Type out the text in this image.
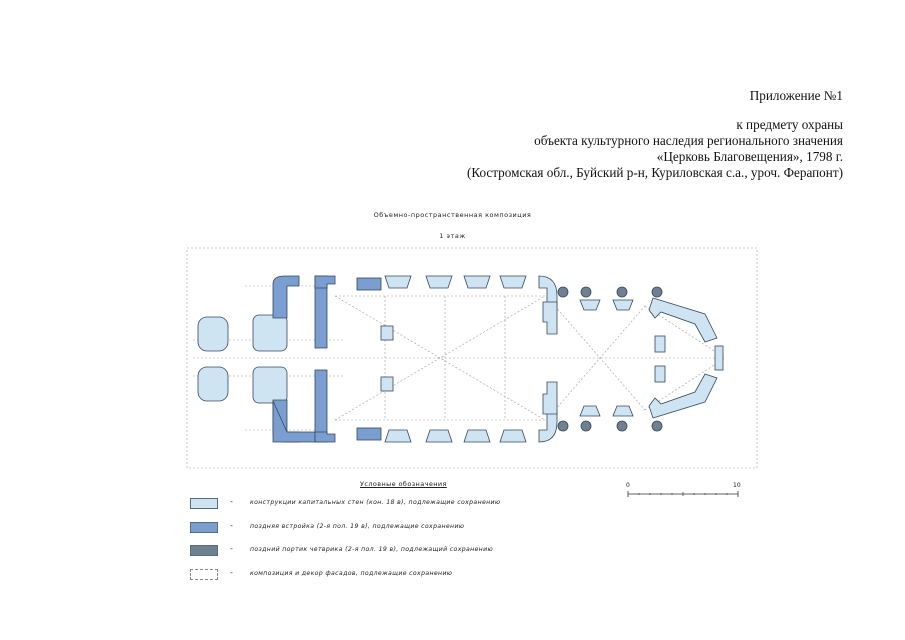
Приложение №1
к предмету охраны
объекта культурного наследия регионального значения
«Церковь Благовещения», 1798 г.
(Костромская обл., Буйский р-н, Куриловская с.а., уроч. Ферапонт)
Объемно-пространственная композиция
1 этаж
Условные обозначения
-	конструкции капитальных стен (кон. 18 в), подлежащие сохранению
-	поздняя встройка (2-я пол. 19 в), подлежащие сохранению
-	поздний портик четврика (2-я пол. 19 в), подлежащий сохранению
-	композиция и декор фасадов, подлежащие сохранению
0	10
